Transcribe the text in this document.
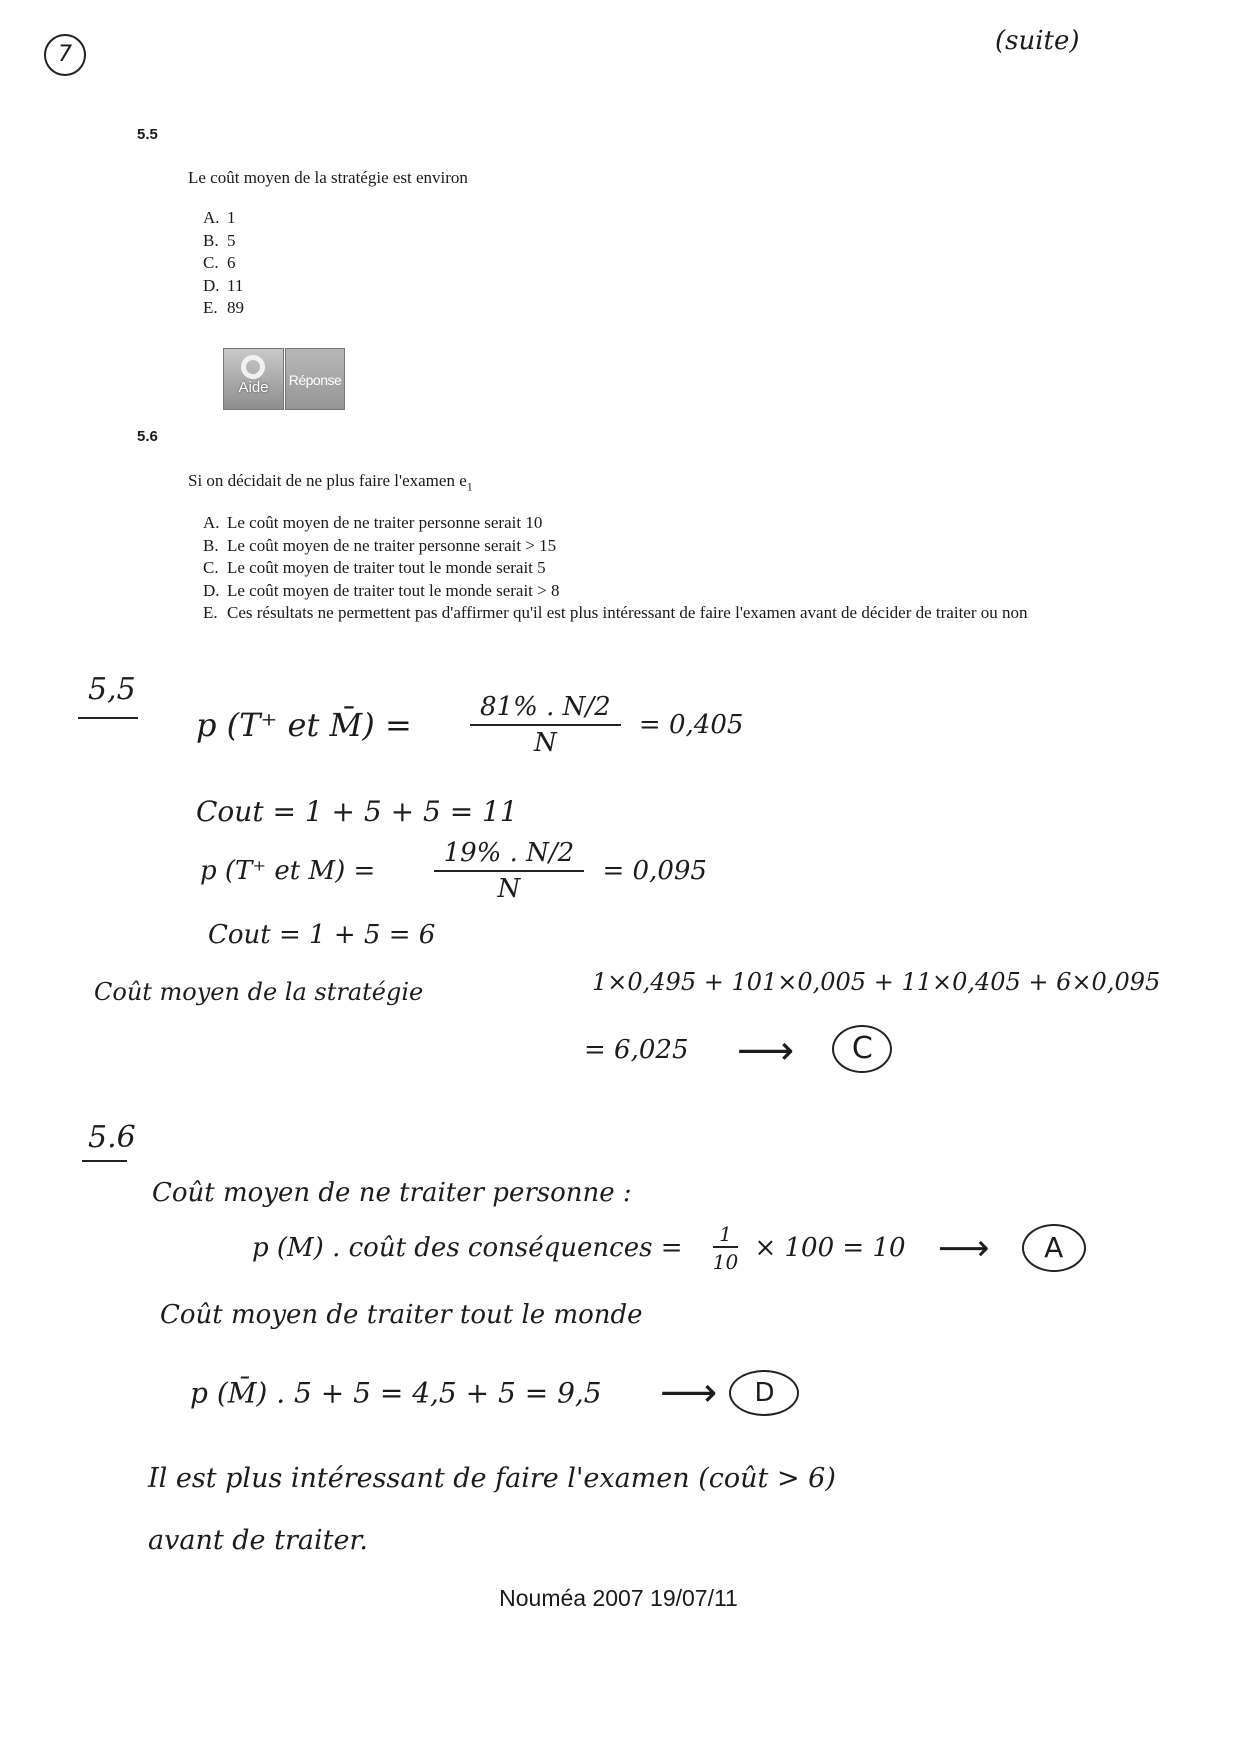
7	(suite)
5.5
Le coût moyen de la stratégie est environ
A. 1
B. 5
C. 6
D. 11
E. 89
Aide	Réponse
5.6
Si on décidait de ne plus faire l'examen $e_1$
A. Le coût moyen de ne traiter personne serait 10
B. Le coût moyen de ne traiter personne serait > 15
C. Le coût moyen de traiter tout le monde serait 5
D. Le coût moyen de traiter tout le monde serait > 8
E. Ces résultats ne permettent pas d'affirmer qu'il est plus intéressant de faire l'examen avant de décider de traiter ou non
5,5
p (T⁺ et M̄) = $\frac{81\% . N/2}{N} = 0,405$
Cout = 1 + 5 + 5 = 11
p (T⁺ et $M) = \frac{19\% . N/2}{N} = 0,095$
Cout = 1 + 5 = 6
Coût moyen de la stratégie	1×0,495 + 101×0,005 + 11×0,405 + 6×0,095
= 6,025 ⟶ C
5.6
Coût moyen de ne traiter personne :
p (M) . coût des conséquences = $\frac{1}{10} \times 100 = 10$ ⟶ A
Coût moyen de traiter tout le monde
p (M̄) . 5 + 5 = 4,5 + 5 = 9,5 ⟶ D
Il est plus intéressant de faire l'examen (coût > 6)
avant de traiter.
Nouméa 2007 19/07/11
